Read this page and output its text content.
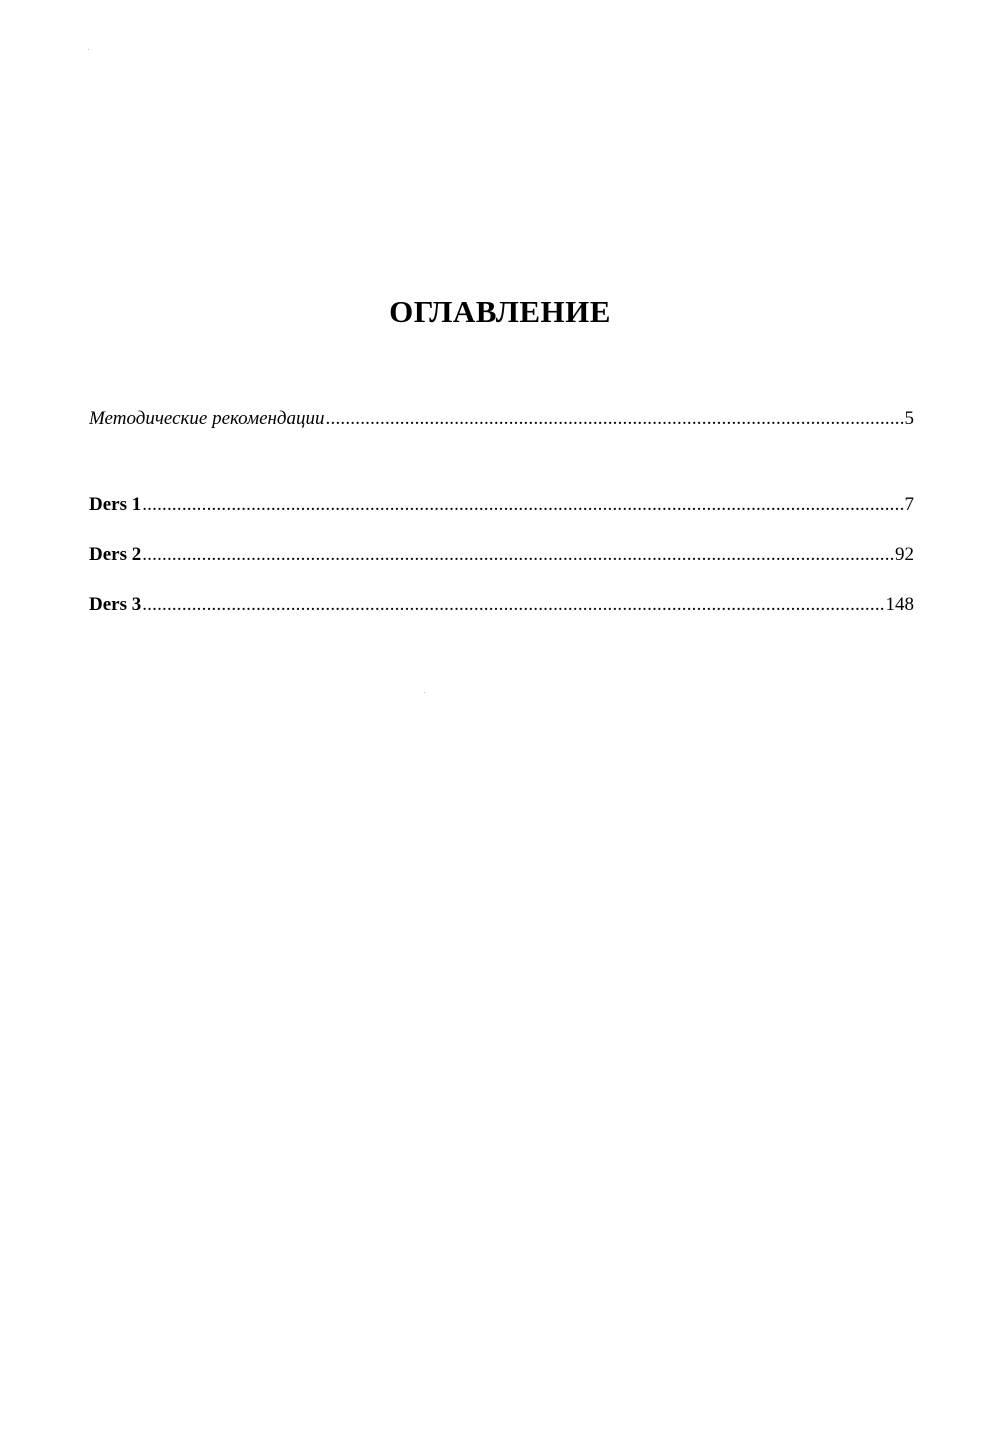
ОГЛАВЛЕНИЕ
Методические рекомендации .....	5
Ders 1 .....	7
Ders 2 .....	92
Ders 3 .....	148
